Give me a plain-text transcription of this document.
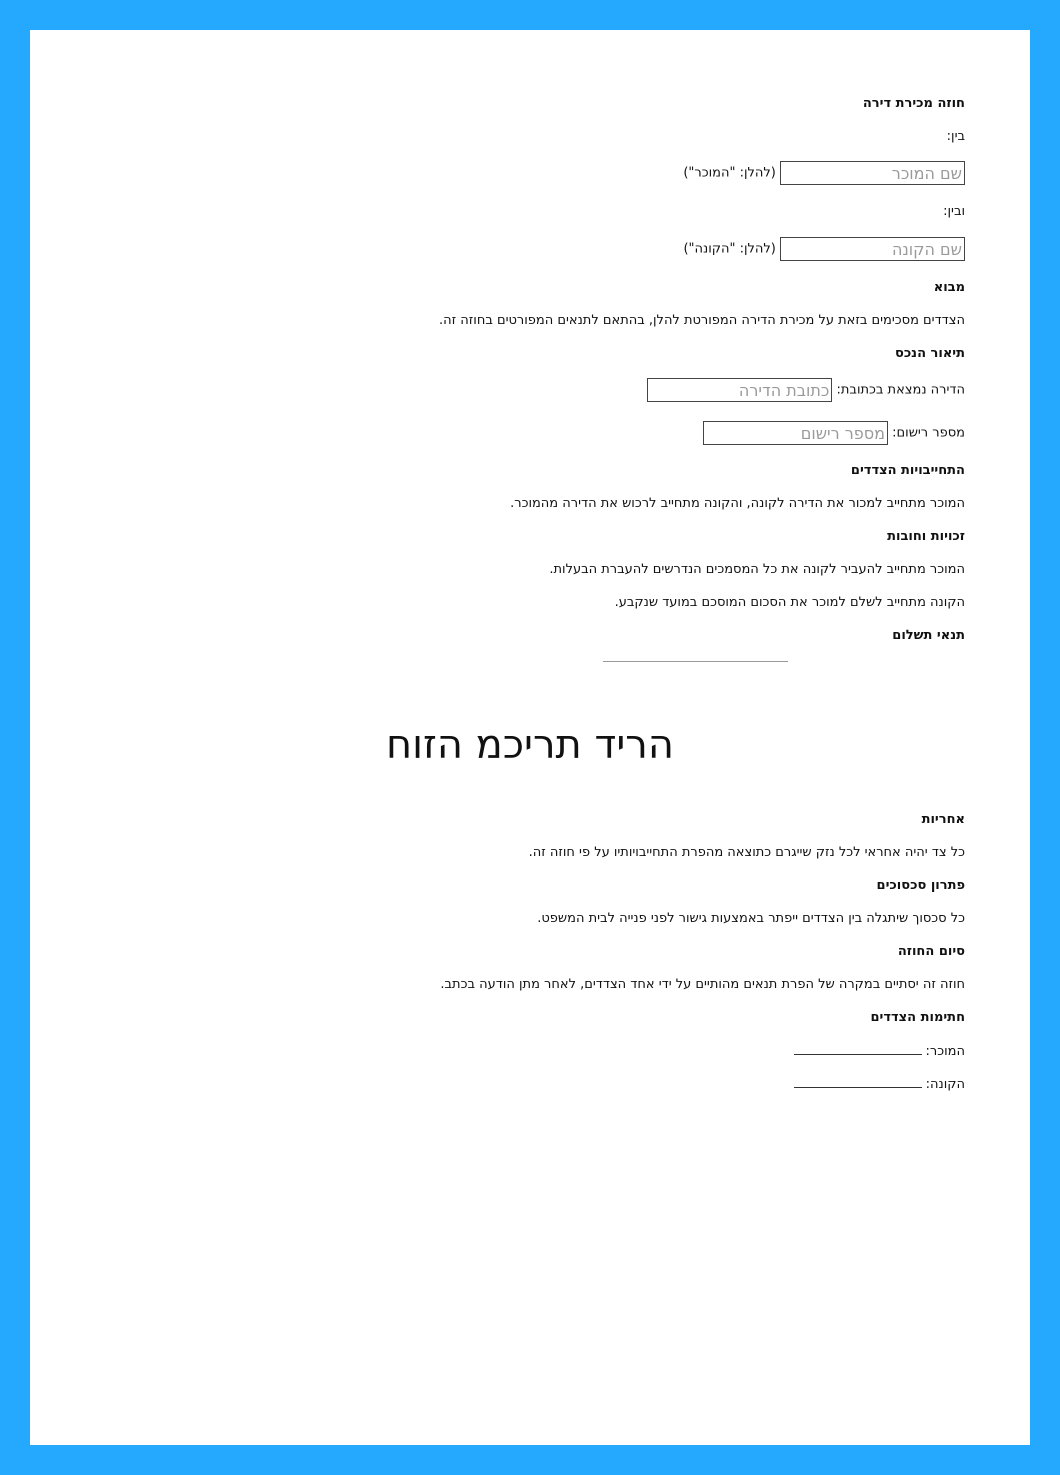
חוזה מכירת דירה
בין:
שם המוכר (להלן: "המוכר")
ובין:
שם הקונה (להלן: "הקונה")
מבוא
הצדדים מסכימים בזאת על מכירת הדירה המפורטת להלן, בהתאם לתנאים המפורטים בחוזה זה.
תיאור הנכס
הדירה נמצאת בכתובת: כתובת הדירה
מספר רישום: מספר רישום
התחייבויות הצדדים
המוכר מתחייב למכור את הדירה לקונה, והקונה מתחייב לרכוש את הדירה מהמוכר.
זכויות וחובות
המוכר מתחייב להעביר לקונה את כל המסמכים הנדרשים להעברת הבעלות.
הקונה מתחייב לשלם למוכר את הסכום המוסכם במועד שנקבע.
תנאי תשלום
הריד תריכמ הזוח
אחריות
כל צד יהיה אחראי לכל נזק שייגרם כתוצאה מהפרת התחייבויותיו על פי חוזה זה.
פתרון סכסוכים
כל סכסוך שיתגלה בין הצדדים ייפתר באמצעות גישור לפני פנייה לבית המשפט.
סיום החוזה
חוזה זה יסתיים במקרה של הפרת תנאים מהותיים על ידי אחד הצדדים, לאחר מתן הודעה בכתב.
חתימות הצדדים
המוכר:
הקונה:
